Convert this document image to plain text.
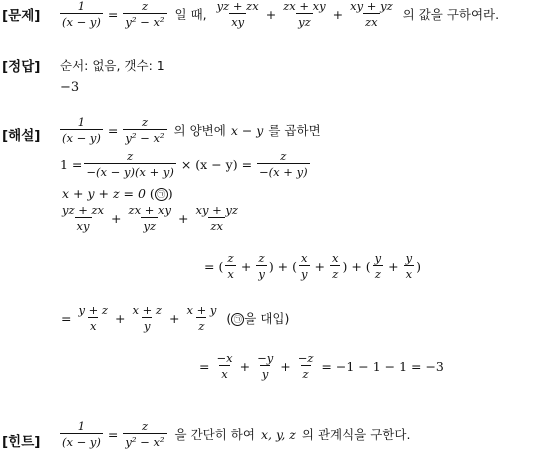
[문제] $\frac{1}{(x - y)} = \frac{z}{\text{y² − x²}}$ 일 때, $\frac{yz + zx}{xy} + \frac{zx + xy}{yz} + \frac{xy + yz}{zx}$ 의 값을 구하여라.
[정답] 순서: 없음, 갯수: 1
−3
[해설] $\frac{1}{(x - y)} = \frac{z}{\text{y² − x²}}$ 의 양변에 x − y 를 곱하면
$1 = \frac{z}{-(x - y)(x + y)} \times (x - y) = \frac{z}{-(x + y)}$
x + y + z = 0 ( ㉠ )
$\frac{yz + zx}{xy} + \frac{zx + xy}{yz} + \frac{xy + yz}{zx}$
= ( $\frac{z}{x} + \frac{z}{y}$ ) + ( $\frac{x}{y} + \frac{x}{z}$ ) + ( $\frac{y}{z} + \frac{y}{x}$ )
= $\frac{y + z}{x} + \frac{x + z}{y} + \frac{x + y}{z}$ ( ㉠ 을 대입)
= $\frac{-x}{x} + \frac{-y}{y} + \frac{-z}{z} = -1 - 1 - 1 = -3$
[힌트] $\frac{1}{(x - y)} = \frac{z}{\text{y² − x²}}$ 을 간단히 하여 x, y, z 의 관계식을 구한다.
